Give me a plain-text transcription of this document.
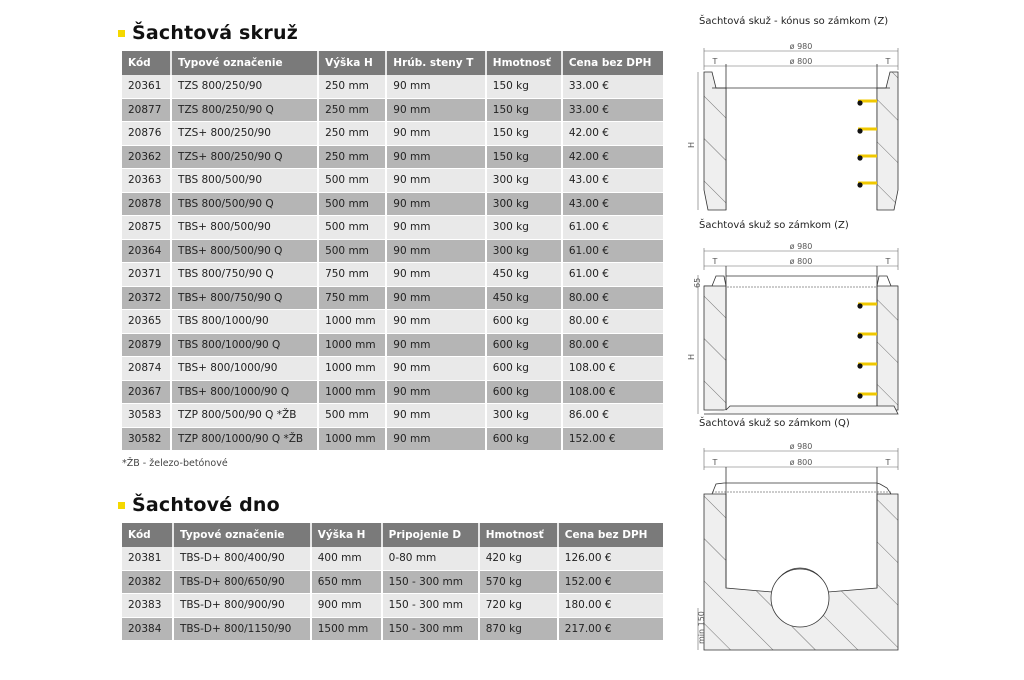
Šachtová skruž
Kód	Typové označenie	Výška H	Hrúb. steny T	Hmotnosť	Cena bez DPH
20361	TZS 800/250/90	250 mm	90 mm	150 kg	33.00 €
20877	TZS 800/250/90 Q	250 mm	90 mm	150 kg	33.00 €
20876	TZS+ 800/250/90	250 mm	90 mm	150 kg	42.00 €
20362	TZS+ 800/250/90 Q	250 mm	90 mm	150 kg	42.00 €
20363	TBS 800/500/90	500 mm	90 mm	300 kg	43.00 €
20878	TBS 800/500/90 Q	500 mm	90 mm	300 kg	43.00 €
20875	TBS+ 800/500/90	500 mm	90 mm	300 kg	61.00 €
20364	TBS+ 800/500/90 Q	500 mm	90 mm	300 kg	61.00 €
20371	TBS 800/750/90 Q	750 mm	90 mm	450 kg	61.00 €
20372	TBS+ 800/750/90 Q	750 mm	90 mm	450 kg	80.00 €
20365	TBS 800/1000/90	1000 mm	90 mm	600 kg	80.00 €
20879	TBS 800/1000/90 Q	1000 mm	90 mm	600 kg	80.00 €
20874	TBS+ 800/1000/90	1000 mm	90 mm	600 kg	108.00 €
20367	TBS+ 800/1000/90 Q	1000 mm	90 mm	600 kg	108.00 €
30583	TZP 800/500/90 Q *ŽB	500 mm	90 mm	300 kg	86.00 €
30582	TZP 800/1000/90 Q *ŽB	1000 mm	90 mm	600 kg	152.00 €
*ŽB - železo-betónové
Šachtové dno
Kód	Typové označenie	Výška H	Pripojenie D	Hmotnosť	Cena bez DPH
20381	TBS-D+ 800/400/90	400 mm	0-80 mm	420 kg	126.00 €
20382	TBS-D+ 800/650/90	650 mm	150 - 300 mm	570 kg	152.00 €
20383	TBS-D+ 800/900/90	900 mm	150 - 300 mm	720 kg	180.00 €
20384	TBS-D+ 800/1150/90	1500 mm	150 - 300 mm	870 kg	217.00 €
Šachtová skuž - kónus so zámkom (Z)
Šachtová skuž so zámkom (Z)
Šachtová skuž so zámkom (Q)
ø 980
ø 800
T	T
H
ø 980
ø 800
T	T
65
H
ø 980
ø 800
T	T
min 150
